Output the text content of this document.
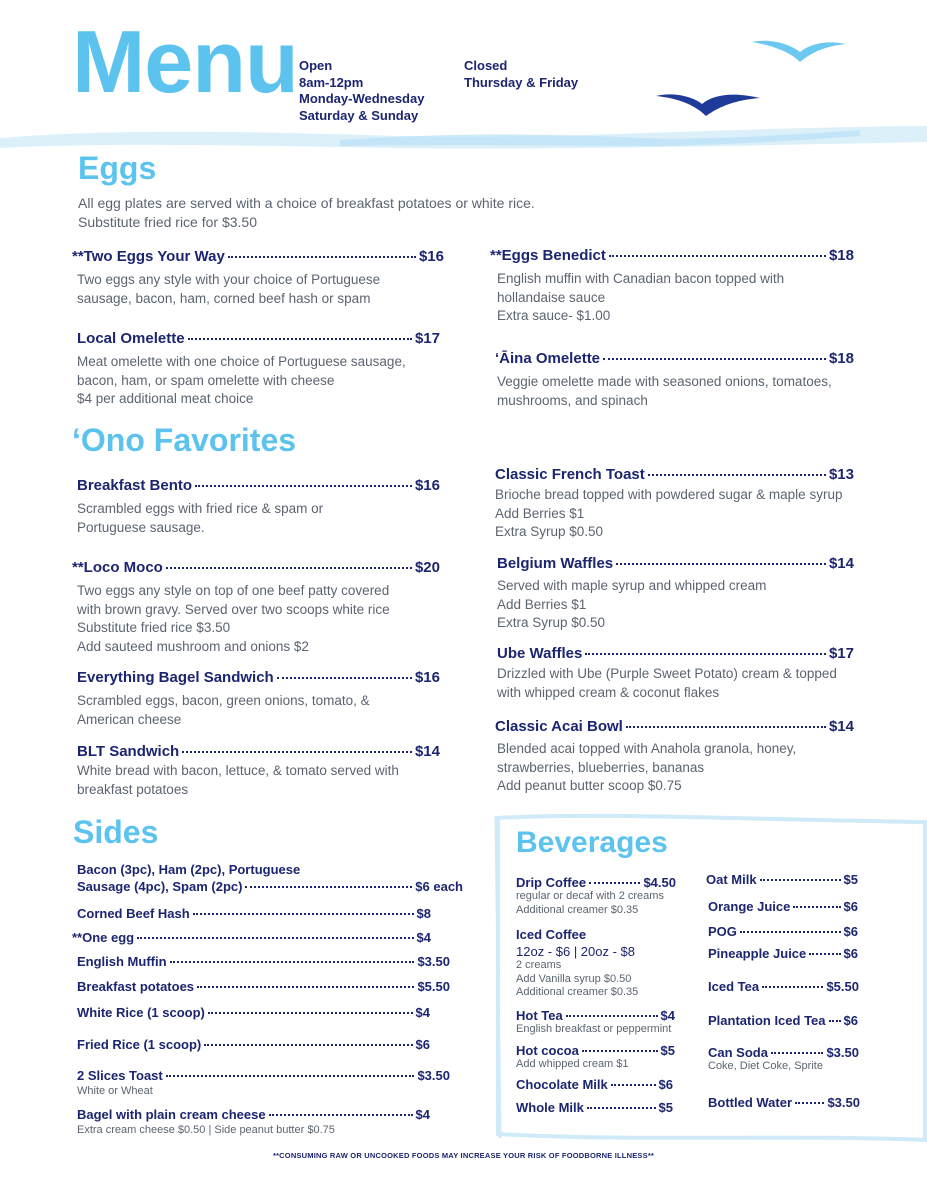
Menu Open
8am-12pm
Monday-Wednesday
Saturday & Sunday
Closed
Thursday & Friday
Eggs
All egg plates are served with a choice of breakfast potatoes or white rice.
Substitute fried rice for $3.50
**Two Eggs Your Way	$16
Two eggs any style with your choice of Portuguese
sausage, bacon, ham, corned beef hash or spam
Local Omelette	$17
Meat omelette with one choice of Portuguese sausage,
bacon, ham, or spam omelette with cheese
$4 per additional meat choice
**Eggs Benedict	$18
English muffin with Canadian bacon topped with
hollandaise sauce
Extra sauce- $1.00
‘Āina Omelette	$18
Veggie omelette made with seasoned onions, tomatoes,
mushrooms, and spinach
‘Ono Favorites
Breakfast Bento	$16
Scrambled eggs with fried rice & spam or
Portuguese sausage.
**Loco Moco	$20
Two eggs any style on top of one beef patty covered
with brown gravy. Served over two scoops white rice
Substitute fried rice $3.50
Add sauteed mushroom and onions $2
Everything Bagel Sandwich	$16
Scrambled eggs, bacon, green onions, tomato, &
American cheese
BLT Sandwich	$14
White bread with bacon, lettuce, & tomato served with
breakfast potatoes
Classic French Toast	$13
Brioche bread topped with powdered sugar & maple syrup
Add Berries $1
Extra Syrup $0.50
Belgium Waffles	$14
Served with maple syrup and whipped cream
Add Berries $1
Extra Syrup $0.50
Ube Waffles	$17
Drizzled with Ube (Purple Sweet Potato) cream & topped
with whipped cream & coconut flakes
Classic Acai Bowl	$14
Blended acai topped with Anahola granola, honey,
strawberries, blueberries, bananas
Add peanut butter scoop $0.75
Sides
Bacon (3pc), Ham (2pc), Portuguese
Sausage (4pc), Spam (2pc)	$6 each
Corned Beef Hash	$8
**One egg	$4
English Muffin	$3.50
Breakfast potatoes	$5.50
White Rice (1 scoop)	$4
Fried Rice (1 scoop)	$6
2 Slices Toast	$3.50
White or Wheat
Bagel with plain cream cheese	$4
Extra cream cheese $0.50 | Side peanut butter $0.75
Beverages
Drip Coffee	$4.50
regular or decaf with 2 creams
Additional creamer $0.35
Iced Coffee
12oz - $6 | 20oz - $8
2 creams
Add Vanilla syrup $0.50
Additional creamer $0.35
Hot Tea	$4
English breakfast or peppermint
Hot cocoa	$5
Add whipped cream $1
Chocolate Milk	$6
Whole Milk	$5
Oat Milk	$5
Orange Juice	$6
POG	$6
Pineapple Juice	$6
Iced Tea	$5.50
Plantation Iced Tea $6
Can Soda	$3.50
Coke, Diet Coke, Sprite
Bottled Water	$3.50
**CONSUMING RAW OR UNCOOKED FOODS MAY INCREASE YOUR RISK OF FOODBORNE ILLNESS**
